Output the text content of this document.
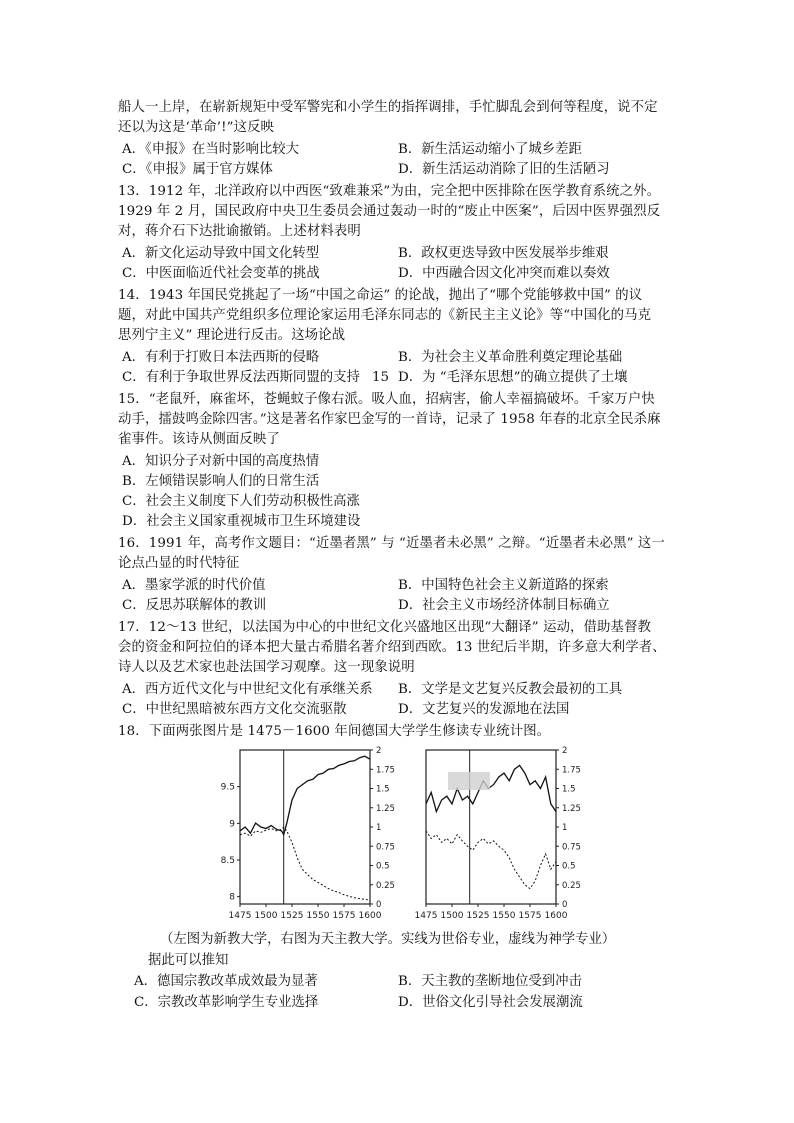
船人一上岸，在崭新规矩中受军警宪和小学生的指挥调排，手忙脚乱会到何等程度，说不定
还以为这是‘革命’!”这反映
A．《申报》在当时影响比较大	B．新生活运动缩小了城乡差距
C．《申报》属于官方媒体	D．新生活运动消除了旧的生活陋习
13．1912 年，北洋政府以中西医“致难兼采”为由，完全把中医排除在医学教育系统之外。
1929 年 2 月，国民政府中央卫生委员会通过轰动一时的“废止中医案”，后因中医界强烈反
对，蒋介石下达批谕撤销。上述材料表明
A．新文化运动导致中国文化转型	B．政权更迭导致中医发展举步维艰
C．中医面临近代社会变革的挑战	D．中西融合因文化冲突而难以奏效
14．1943 年国民党挑起了一场“中国之命运” 的论战，抛出了“哪个党能够救中国” 的议
题，对此中国共产党组织多位理论家运用毛泽东同志的《新民主主义论》等“中国化的马克
思列宁主义” 理论进行反击。这场论战
A．有利于打败日本法西斯的侵略	B．为社会主义革命胜利奠定理论基础
C．有利于争取世界反法西斯同盟的支持 15 D．为 “毛泽东思想”的确立提供了土壤
15．“老鼠歼，麻雀坏，苍蝇蚊子像右派。吸人血，招病害，偷人幸福搞破坏。千家万户快
动手，擂鼓鸣金除四害。”这是著名作家巴金写的一首诗，记录了 1958 年春的北京全民杀麻
雀事件。该诗从侧面反映了
A．知识分子对新中国的高度热情
B．左倾错误影响人们的日常生活
C．社会主义制度下人们劳动积极性高涨
D．社会主义国家重视城市卫生环境建设
16．1991 年，高考作文题目：“近墨者黑” 与 “近墨者未必黑” 之辩。“近墨者未必黑” 这一
论点凸显的时代特征
A．墨家学派的时代价值	B．中国特色社会主义新道路的探索
C．反思苏联解体的教训	D．社会主义市场经济体制目标确立
17．12～13 世纪，以法国为中心的中世纪文化兴盛地区出现“大翻译” 运动，借助基督教
会的资金和阿拉伯的译本把大量古希腊名著介绍到西欧。13 世纪后半期，许多意大利学者、
诗人以及艺术家也赴法国学习观摩。这一现象说明
A．西方近代文化与中世纪文化有承继关系 B．文学是文艺复兴反教会最初的工具
C．中世纪黑暗被东西方文化交流驱散	D．文艺复兴的发源地在法国
18．下面两张图片是 1475－1600 年间德国大学学生修读专业统计图。
1475 1500 1525 1550 1575 1600
0
0.25
0.5
0.75
1
1.25
1.5
1.75
2
8
8.5
9
9.5
1475 1500 1525 1550 1575 1600
0
0.25
0.5
0.75
1
1.25
1.5
1.75
2
（左图为新教大学，右图为天主教大学。实线为世俗专业，虚线为神学专业）
据此可以推知
A．德国宗教改革成效最为显著	B．天主教的垄断地位受到冲击
C．宗教改革影响学生专业选择	D．世俗文化引导社会发展潮流
